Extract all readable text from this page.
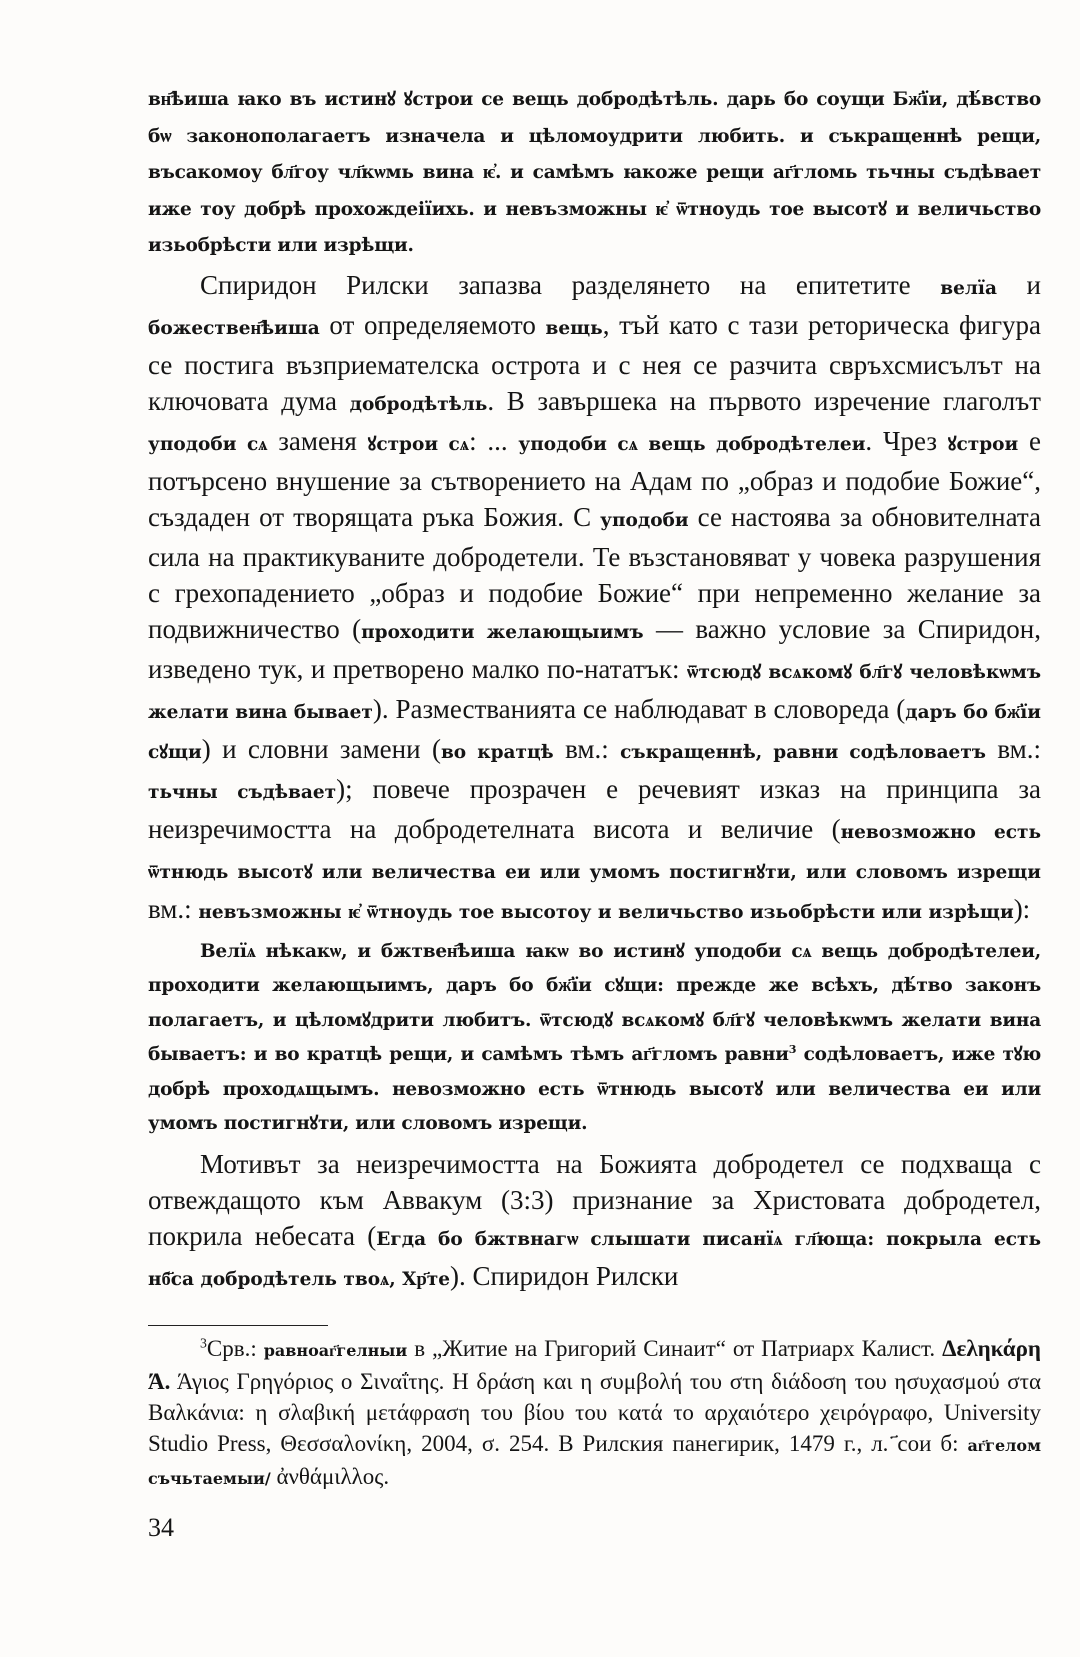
вн҄ѣиша ꙗко въ истинꙋ ꙋстрои се вещь добродѣтѣль. дарь бо соущи Бж҃їи, дѣ́вство бѡ законополагаетъ изначела и цѣломоудрити любить. и съкращеннѣ рещи, въсакомоу бл҃гоу чл҃кѡмь вина ѥ҆. и самѣмъ ꙗкоже рещи аг҃гломь тьчны съдѣвает иже тоу добрѣ прохождеiїихь. и невъзможны ѥ҆ ѿтноудь тое высотꙋ и величьство изьобрѣсти или изрѣщи.

Спиридон Рилски запазва разделянето на епитетите велїа и божествен҄ѣиша от определяемото вещь, тъй като с тази реторическа фигура се постига възприемателска острота и с нея се разчита свръхсмисълът на ключовата дума добродѣтѣль. В завършека на първото изречение глаголът уподоби сѧ заменя ꙋстрои сѧ: ... уподоби сѧ вещь добродѣтелеи. Чрез ꙋстрои е потърсено внушение за сътворението на Адам по „образ и подобие Божие“, създаден от творящата ръка Божия. С уподоби се настоява за обновителната сила на практикуваните добродетели. Те възстановяват у човека разрушения с грехопадението „образ и подобие Божие“ при непременно желание за подвижничество (проходити желающыимъ — важно условие за Спиридон, изведено тук, и претворено малко по-нататък: ѿтсюдꙋ всѧкомꙋ бл҃гꙋ человѣкѡмъ желати вина бывает). Разместванията се наблюдават в словореда (даръ бо бж҃їи сꙋщи) и словни замени (во кратцѣ вм.: съкращеннѣ, равни содѣловаетъ вм.: тьчны съдѣвает); повече прозрачен е речевият изказ на принципа за неизречимостта на добродетелната висота и величие (невозможно есть ѿтнюдь высотꙋ или величества еи или умомъ постигнꙋти, или словомъ изрещи вм.: невъзможны ѥ҆ ѿтноудь тое высотоу и величьство изьобрѣсти или изрѣщи):

Велїѧ нѣкакѡ, и бжтвен҄ѣиша ꙗкѡ во истинꙋ уподоби сѧ вещь добродѣтелеи, проходити желающыимъ, даръ бо бж҃їи сꙋщи: прежде же всѣхъ, дѣ́тво законъ полагаетъ, и цѣломꙋдрити любитъ. ѿтсюдꙋ всѧкомꙋ бл҃гꙋ человѣкѡмъ желати вина бываетъ: и во кратцѣ рещи, и самѣмъ тѣмъ аг҃гломъ равни$^3$ содѣловаетъ, иже тꙋю добрѣ проходѧщымъ. невозможно есть ѿтнюдь высотꙋ или величества еи или умомъ постигнꙋти, или словомъ изрещи.

Мотивът за неизречимостта на Божията добродетел се подхваща с отвеждащото към Аввакум (3:3) признание за Христовата добродетел, покрила небесата (Егда бо бжтвнагѡ слышати писанїѧ гл҃юща: покрыла есть нб҃са добродѣтель твоѧ, Хр҃те). Спиридон Рилски

$^3$Срв.: равноаг҃гелныи в „Житие на Григорий Синаит“ от Патриарх Калист. Δεληκάρη Ά. Άγιος Γρηγόριος ο Σιναΐτης. Η δράση και η συμβολή του στη διάδοση του ησυχασμού στα Βαλκάνια: η σλαβική μετάφραση του βίου του κατά το αρχαιότερο χειρόγραφο, University Studio Press, Θεσσαλονίκη, 2004, σ. 254. В Рилския панегирик, 1479 г., л. ҃сои б: аг҃гелом съчьтаемыи/ ἀνθάμιλλος.

34
